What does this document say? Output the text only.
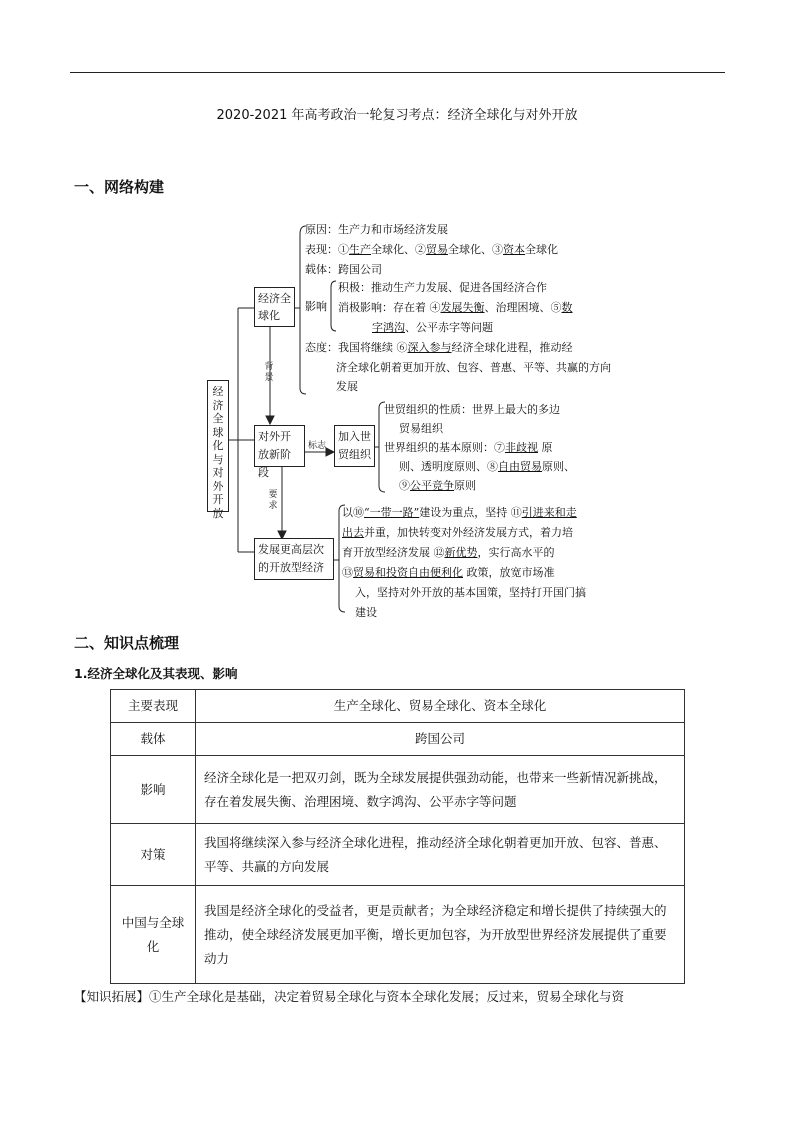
2020-2021 年高考政治一轮复习考点：经济全球化与对外开放
一、网络构建
经济全球化与对外开放
经济全球化
对外开放新阶段
发展更高层次的开放型经济
加入世贸组织
背景
标志
要求
原因：生产力和市场经济发展
表现：①生产全球化、②贸易全球化、③资本全球化
载体：跨国公司
影响
积极：推动生产力发展、促进各国经济合作
消极影响：存在着 ④发展失衡、治理困境、⑤数
字鸿沟、公平赤字等问题
态度：我国将继续 ⑥深入参与经济全球化进程，推动经
济全球化朝着更加开放、包容、普惠、平等、共赢的方向
发展
世贸组织的性质：世界上最大的多边
贸易组织
世界组织的基本原则：⑦非歧视 原
则、透明度原则、⑧自由贸易原则、
⑨公平竞争原则
以⑩“一带一路”建设为重点，坚持 ⑪引进来和走
出去并重，加快转变对外经济发展方式，着力培
育开放型经济发展 ⑫新优势，实行高水平的
⑬贸易和投资自由便利化 政策，放宽市场准
入，坚持对外开放的基本国策，坚持打开国门搞
建设
二、知识点梳理
1.经济全球化及其表现、影响
主要表现	生产全球化、贸易全球化、资本全球化
载体	跨国公司
影响	经济全球化是一把双刃剑，既为全球发展提供强劲动能，也带来一些新情况新挑战，存在着发展失衡、治理困境、数字鸿沟、公平赤字等问题
对策	我国将继续深入参与经济全球化进程，推动经济全球化朝着更加开放、包容、普惠、平等、共赢的方向发展
中国与全球化	我国是经济全球化的受益者，更是贡献者；为全球经济稳定和增长提供了持续强大的推动，使全球经济发展更加平衡，增长更加包容，为开放型世界经济发展提供了重要动力
【知识拓展】①生产全球化是基础，决定着贸易全球化与资本全球化发展；反过来，贸易全球化与资
